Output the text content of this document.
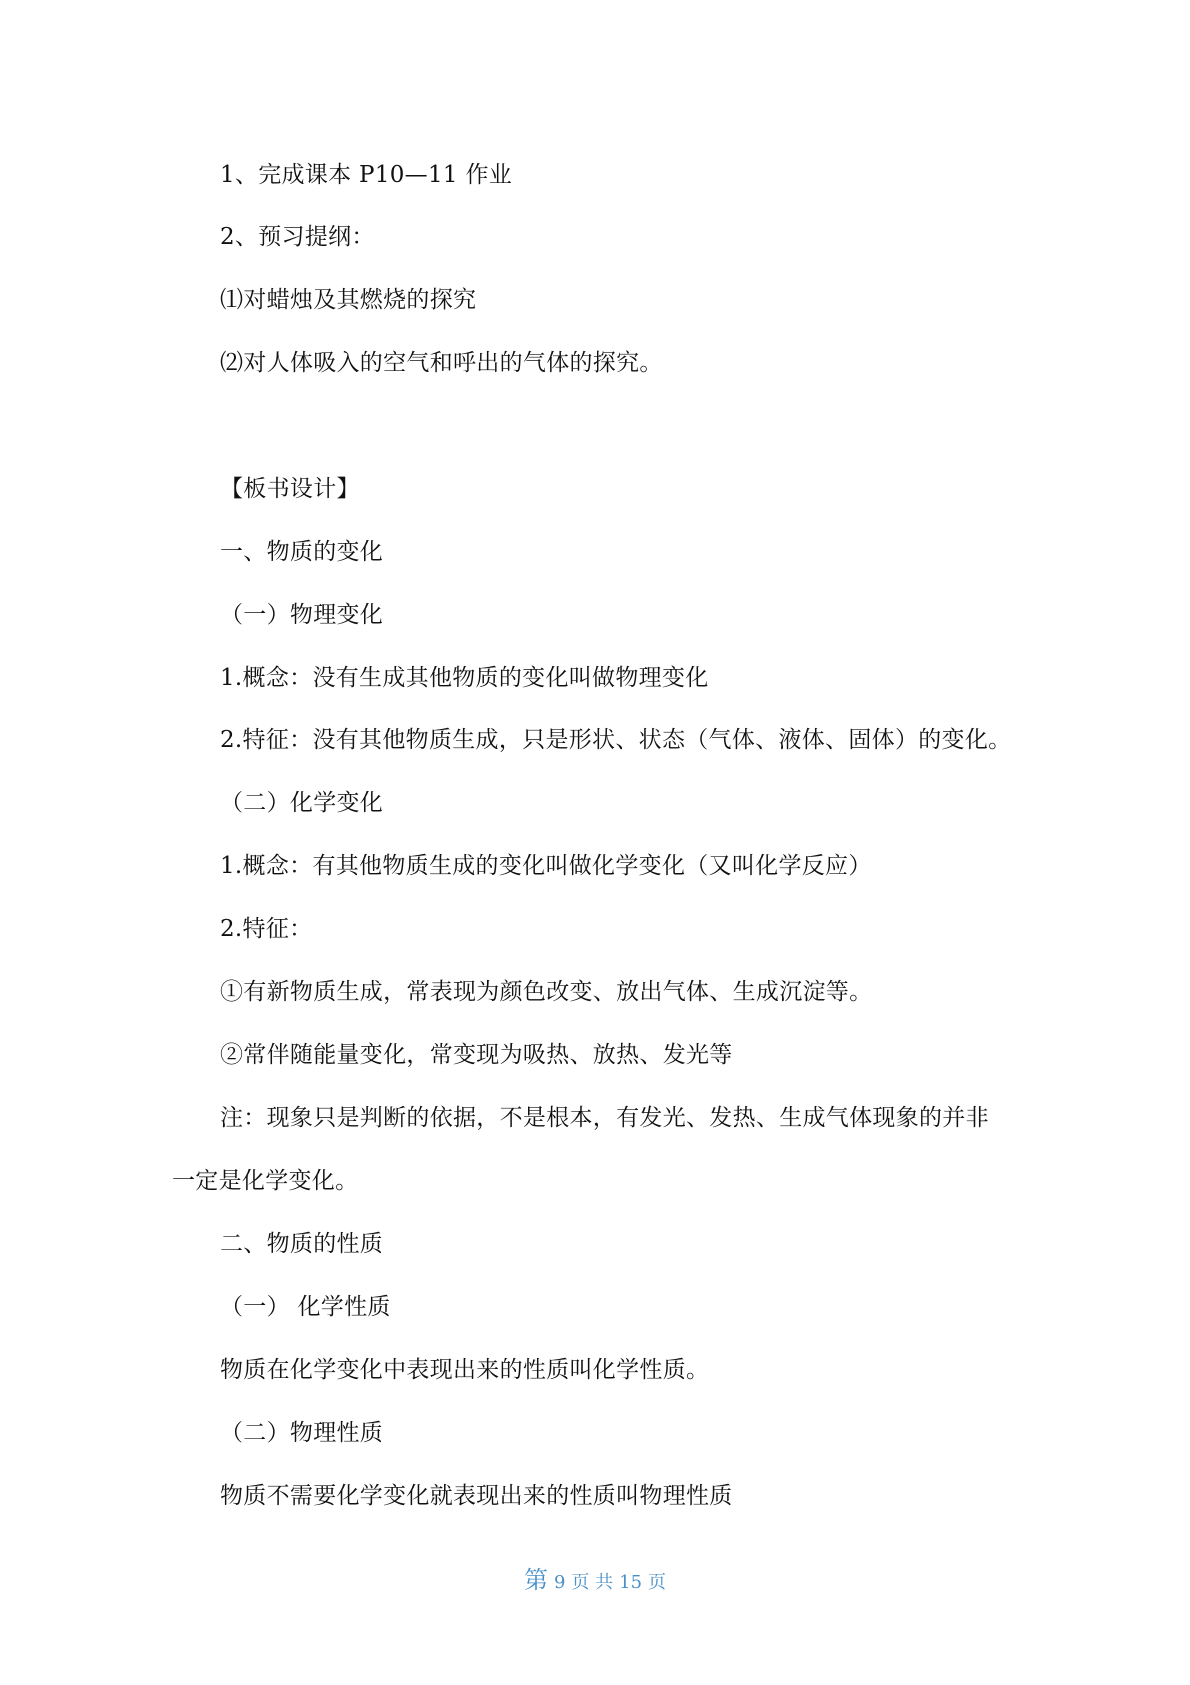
1、完成课本 P10—11 作业
2、预习提纲：
⑴对蜡烛及其燃烧的探究
⑵对人体吸入的空气和呼出的气体的探究。
【板书设计】
一、物质的变化
（一）物理变化
1.概念：没有生成其他物质的变化叫做物理变化
2.特征：没有其他物质生成，只是形状、状态（气体、液体、固体）的变化。
（二）化学变化
1.概念：有其他物质生成的变化叫做化学变化（又叫化学反应）
2.特征：
①有新物质生成，常表现为颜色改变、放出气体、生成沉淀等。
②常伴随能量变化，常变现为吸热、放热、发光等
注：现象只是判断的依据，不是根本，有发光、发热、生成气体现象的并非
一定是化学变化。
二、物质的性质
（一） 化学性质
物质在化学变化中表现出来的性质叫化学性质。
（二）物理性质
物质不需要化学变化就表现出来的性质叫物理性质
第 9 页 共 15 页
